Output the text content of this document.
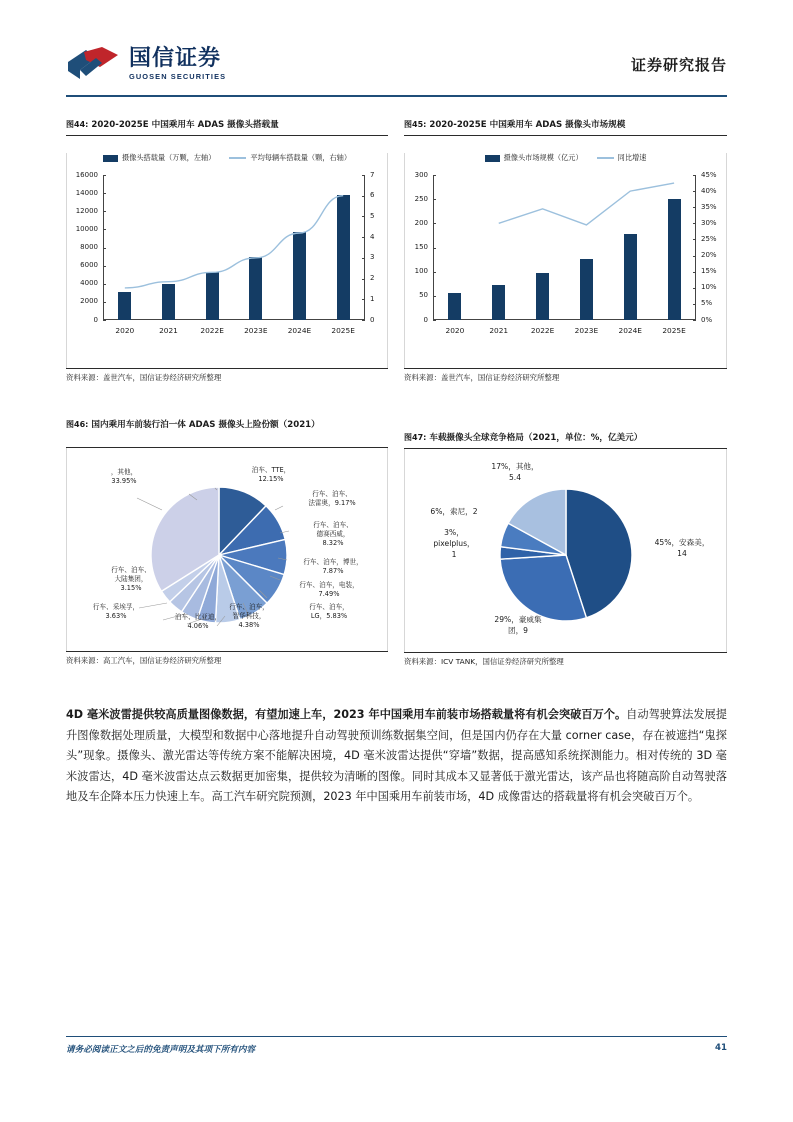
国信证券
GUOSEN SECURITIES
证券研究报告
图44: 2020-2025E 中国乘用车 ADAS 摄像头搭载量
摄像头搭载量（万颗，左轴）	平均每辆车搭载量（颗，右轴）
0
2000
4000
6000
8000
10000
12000
14000
16000
0
1
2
3
4
5
6
7
2020	2021	2022E	2023E	2024E	2025E
资料来源：盖世汽车，国信证券经济研究所整理
图45: 2020-2025E 中国乘用车 ADAS 摄像头市场规模
摄像头市场规模（亿元）	同比增速
0
50
100
150
200
250
300
0%
5%
10%
15%
20%
25%
30%
35%
40%
45%
2020	2021	2022E	2023E	2024E	2025E
资料来源：盖世汽车，国信证券经济研究所整理
图46: 国内乘用车前装行泊一体 ADAS 摄像头上险份额（2021）
泊车、TTE，
12.15%
行车、泊车、
法雷奥，9.17%
行车、泊车、
德赛西威，
8.32%
行车、泊车，博世，
7.87%
行车、泊车，电装，
7.49%
行车、泊车，
LG，5.83%
行车、泊车，
智华科技，
4.38%
泊车、比亚迪，
4.06%
行车、采埃孚，
3.63%
行车、泊车、
大陆集团，
3.15%
，其他，
33.95%
资料来源：高工汽车，国信证券经济研究所整理
图47: 车载摄像头全球竞争格局（2021，单位：%，亿美元）
45%，安森美，
14
29%，豪威集
团，9
3%，
pixelplus，
1
6%，索尼，2
17%，其他，
5.4
资料来源：ICV TANK，国信证券经济研究所整理
4D 毫米波雷提供较高质量图像数据，有望加速上车，2023 年中国乘用车前装市场搭载量将有机会突破百万个。自动驾驶算法发展提升图像数据处理质量，大模型和数据中心落地提升自动驾驶预训练数据集空间，但是国内仍存在大量 corner case，存在被遮挡“鬼探头”现象。摄像头、激光雷达等传统方案不能解决困境，4D 毫米波雷达提供“穿墙”数据，提高感知系统探测能力。相对传统的 3D 毫米波雷达，4D 毫米波雷达点云数据更加密集，提供较为清晰的图像。同时其成本又显著低于激光雷达，该产品也将随高阶自动驾驶落地及车企降本压力快速上车。高工汽车研究院预测，2023 年中国乘用车前装市场，4D 成像雷达的搭载量将有机会突破百万个。
请务必阅读正文之后的免责声明及其项下所有内容	41
